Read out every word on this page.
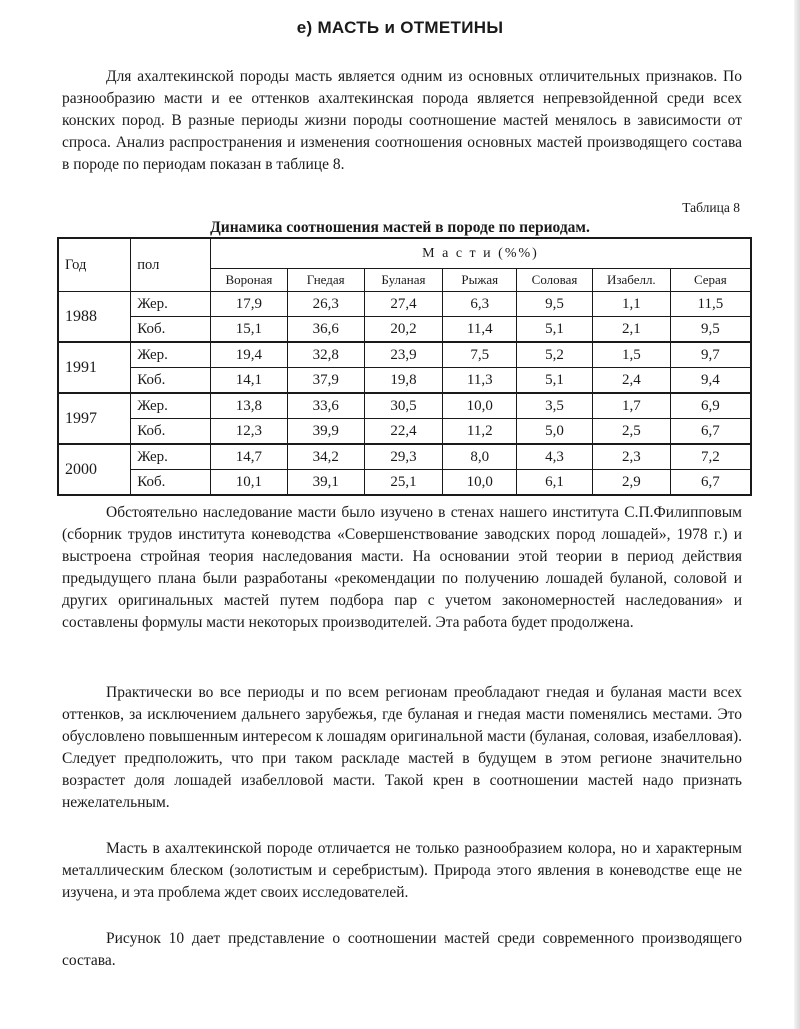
е) МАСТЬ и ОТМЕТИНЫ

Для ахалтекинской породы масть является одним из основных отличительных признаков. По разнообразию масти и ее оттенков ахалтекинская порода является непревзойденной среди всех конских пород. В разные периоды жизни породы соотношение мастей менялось в зависимости от спроса. Анализ распространения и изменения соотношения основных мастей производящего состава в породе по периодам показан в таблице 8.

Таблица 8
Динамика соотношения мастей в породе по периодам.
Год	пол	М а с т и (%%)						
		Вороная	Гнедая	Буланая	Рыжая	Соловая	Изабелл.	Серая
1988	Жер.	17,9	26,3	27,4	6,3	9,5	1,1	11,5
	Коб.	15,1	36,6	20,2	11,4	5,1	2,1	9,5
1991	Жер.	19,4	32,8	23,9	7,5	5,2	1,5	9,7
	Коб.	14,1	37,9	19,8	11,3	5,1	2,4	9,4
1997	Жер.	13,8	33,6	30,5	10,0	3,5	1,7	6,9
	Коб.	12,3	39,9	22,4	11,2	5,0	2,5	6,7
2000	Жер.	14,7	34,2	29,3	8,0	4,3	2,3	7,2
	Коб.	10,1	39,1	25,1	10,0	6,1	2,9	6,7

Обстоятельно наследование масти было изучено в стенах нашего института С.П.Филипповым (сборник трудов института коневодства «Совершенствование заводских пород лошадей», 1978 г.) и выстроена стройная теория наследования масти. На основании этой теории в период действия предыдущего плана были разработаны «рекомендации по получению лошадей буланой, соловой и других оригинальных мастей путем подбора пар с учетом закономерностей наследования» и составлены формулы масти некоторых производителей. Эта работа будет продолжена.

Практически во все периоды и по всем регионам преобладают гнедая и буланая масти всех оттенков, за исключением дальнего зарубежья, где буланая и гнедая масти поменялись местами. Это обусловлено повышенным интересом к лошадям оригинальной масти (буланая, соловая, изабелловая). Следует предположить, что при таком раскладе мастей в будущем в этом регионе значительно возрастет доля лошадей изабелловой масти. Такой крен в соотношении мастей надо признать нежелательным.

Масть в ахалтекинской породе отличается не только разнообразием колора, но и характерным металлическим блеском (золотистым и серебристым). Природа этого явления в коневодстве еще не изучена, и эта проблема ждет своих исследователей.

Рисунок 10 дает представление о соотношении мастей среди современного производящего состава.
